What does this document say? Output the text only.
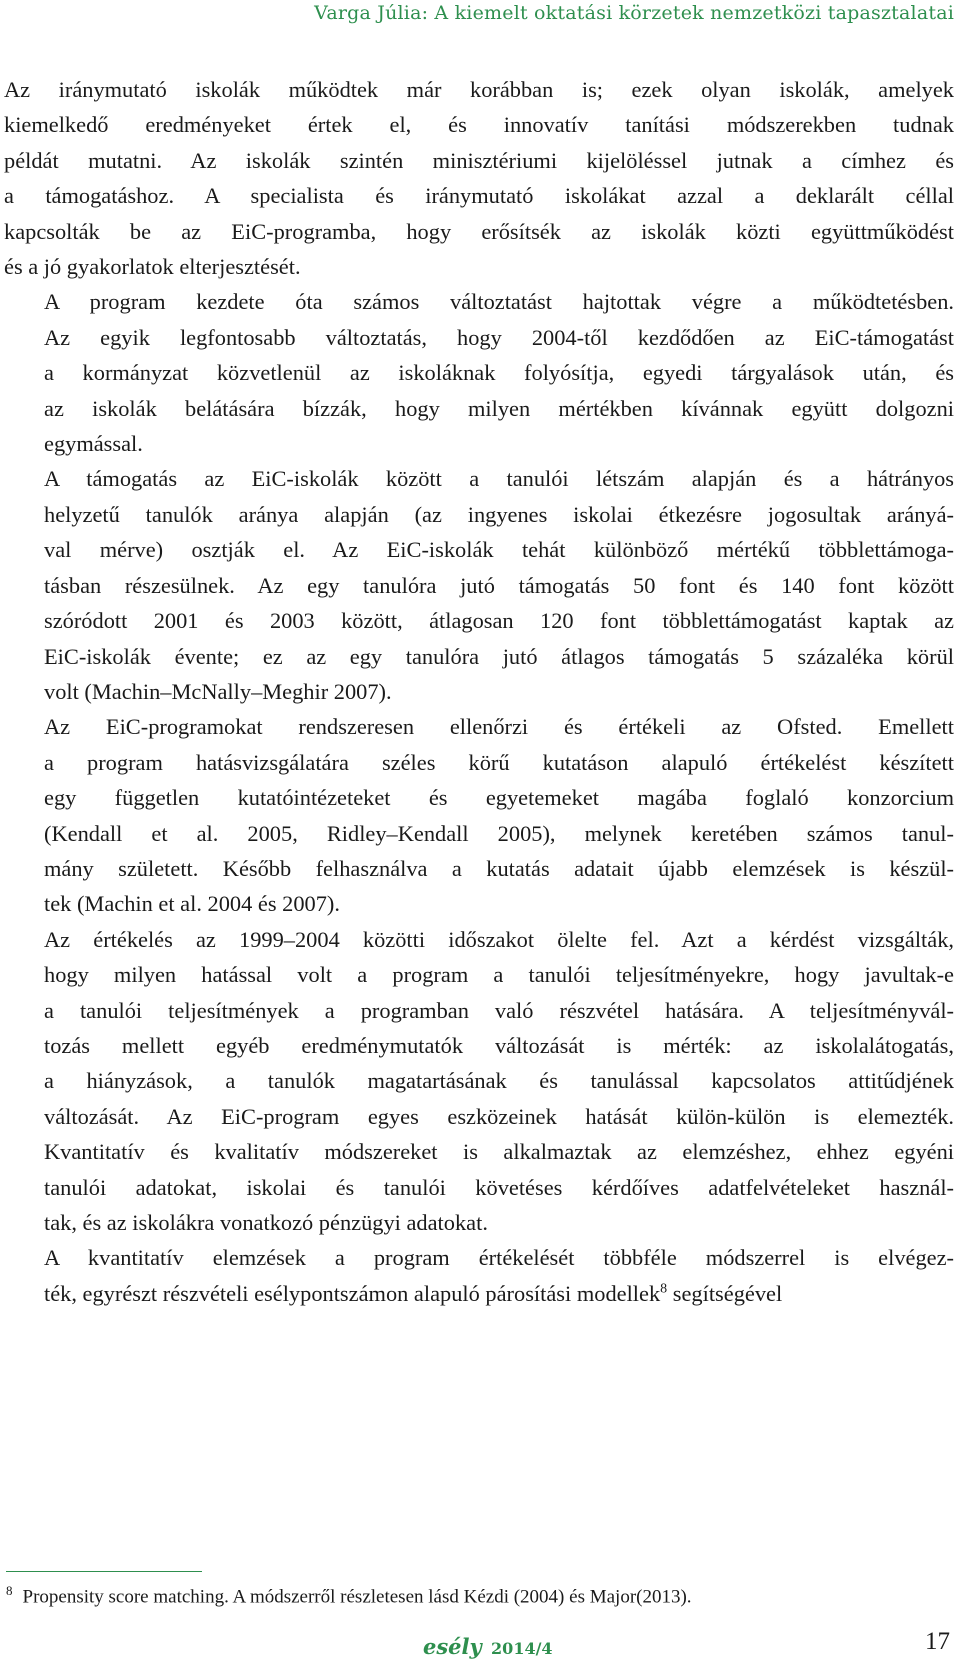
Varga Júlia: A kiemelt oktatási körzetek nemzetközi tapasztalatai

Az iránymutató iskolák működtek már korábban is; ezek olyan iskolák, amelyek
kiemelkedő eredményeket értek el, és innovatív tanítási módszerekben tudnak
példát mutatni. Az iskolák szintén minisztériumi kijelöléssel jutnak a címhez és
a támogatáshoz. A specialista és iránymutató iskolákat azzal a deklarált céllal
kapcsolták be az EiC-programba, hogy erősítsék az iskolák közti együttműködést
és a jó gyakorlatok elterjesztését.

A program kezdete óta számos változtatást hajtottak végre a működtetésben.
Az egyik legfontosabb változtatás, hogy 2004-től kezdődően az EiC-támogatást
a kormányzat közvetlenül az iskoláknak folyósítja, egyedi tárgyalások után, és
az iskolák belátására bízzák, hogy milyen mértékben kívánnak együtt dolgozni
egymással.

A támogatás az EiC-iskolák között a tanulói létszám alapján és a hátrányos
helyzetű tanulók aránya alapján (az ingyenes iskolai étkezésre jogosultak arányá-
val mérve) osztják el. Az EiC-iskolák tehát különböző mértékű többlettámoga-
tásban részesülnek. Az egy tanulóra jutó támogatás 50 font és 140 font között
szóródott 2001 és 2003 között, átlagosan 120 font többlettámogatást kaptak az
EiC-iskolák évente; ez az egy tanulóra jutó átlagos támogatás 5 százaléka körül
volt (Machin–McNally–Meghir 2007).

Az EiC-programokat rendszeresen ellenőrzi és értékeli az Ofsted. Emellett
a program hatásvizsgálatára széles körű kutatáson alapuló értékelést készített
egy független kutatóintézeteket és egyetemeket magába foglaló konzorcium
(Kendall et al. 2005, Ridley–Kendall 2005), melynek keretében számos tanul-
mány született. Később felhasználva a kutatás adatait újabb elemzések is készül-
tek (Machin et al. 2004 és 2007).

Az értékelés az 1999–2004 közötti időszakot ölelte fel. Azt a kérdést vizsgálták,
hogy milyen hatással volt a program a tanulói teljesítményekre, hogy javultak-e
a tanulói teljesítmények a programban való részvétel hatására. A teljesítményvál-
tozás mellett egyéb eredménymutatók változását is mérték: az iskolalátogatás,
a hiányzások, a tanulók magatartásának és tanulással kapcsolatos attitűdjének
változását. Az EiC-program egyes eszközeinek hatását külön-külön is elemezték.
Kvantitatív és kvalitatív módszereket is alkalmaztak az elemzéshez, ehhez egyéni
tanulói adatokat, iskolai és tanulói követéses kérdőíves adatfelvételeket használ-
tak, és az iskolákra vonatkozó pénzügyi adatokat.

A kvantitatív elemzések a program értékelését többféle módszerrel is elvégez-
ték, egyrészt részvételi esélypontszámon alapuló párosítási modellek$^8$ segítségével

$^8$ Propensity score matching. A módszerről részletesen lásd Kézdi (2004) és Major(2013).
esély 2014/4	17
